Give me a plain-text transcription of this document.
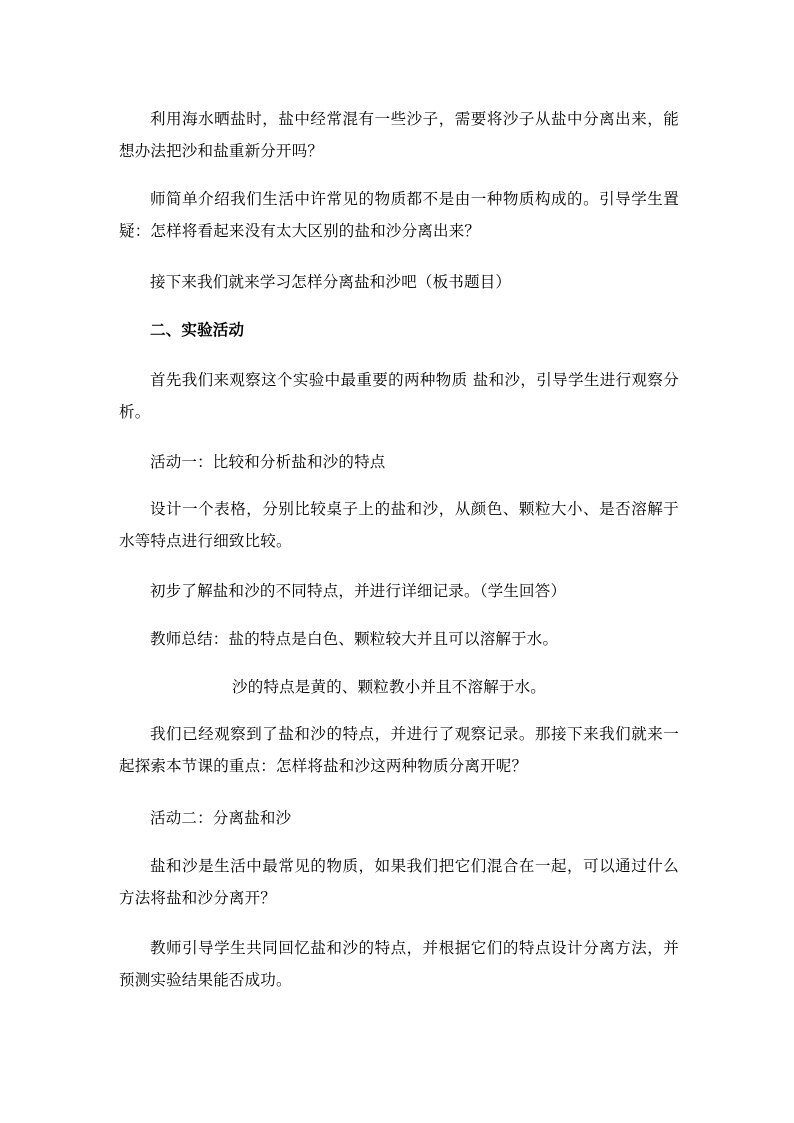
利用海水晒盐时，盐中经常混有一些沙子，需要将沙子从盐中分离出来，能想办法把沙和盐重新分开吗？

师简单介绍我们生活中许常见的物质都不是由一种物质构成的。引导学生置疑：怎样将看起来没有太大区别的盐和沙分离出来？

接下来我们就来学习怎样分离盐和沙吧（板书题目）

二、实验活动

首先我们来观察这个实验中最重要的两种物质 盐和沙，引导学生进行观察分析。

活动一：比较和分析盐和沙的特点

设计一个表格，分别比较桌子上的盐和沙，从颜色、颗粒大小、是否溶解于水等特点进行细致比较。

初步了解盐和沙的不同特点，并进行详细记录。（学生回答）

教师总结：盐的特点是白色、颗粒较大并且可以溶解于水。

沙的特点是黄的、颗粒教小并且不溶解于水。

我们已经观察到了盐和沙的特点，并进行了观察记录。那接下来我们就来一起探索本节课的重点：怎样将盐和沙这两种物质分离开呢？

活动二：分离盐和沙

盐和沙是生活中最常见的物质，如果我们把它们混合在一起，可以通过什么方法将盐和沙分离开？

教师引导学生共同回忆盐和沙的特点，并根据它们的特点设计分离方法，并预测实验结果能否成功。
